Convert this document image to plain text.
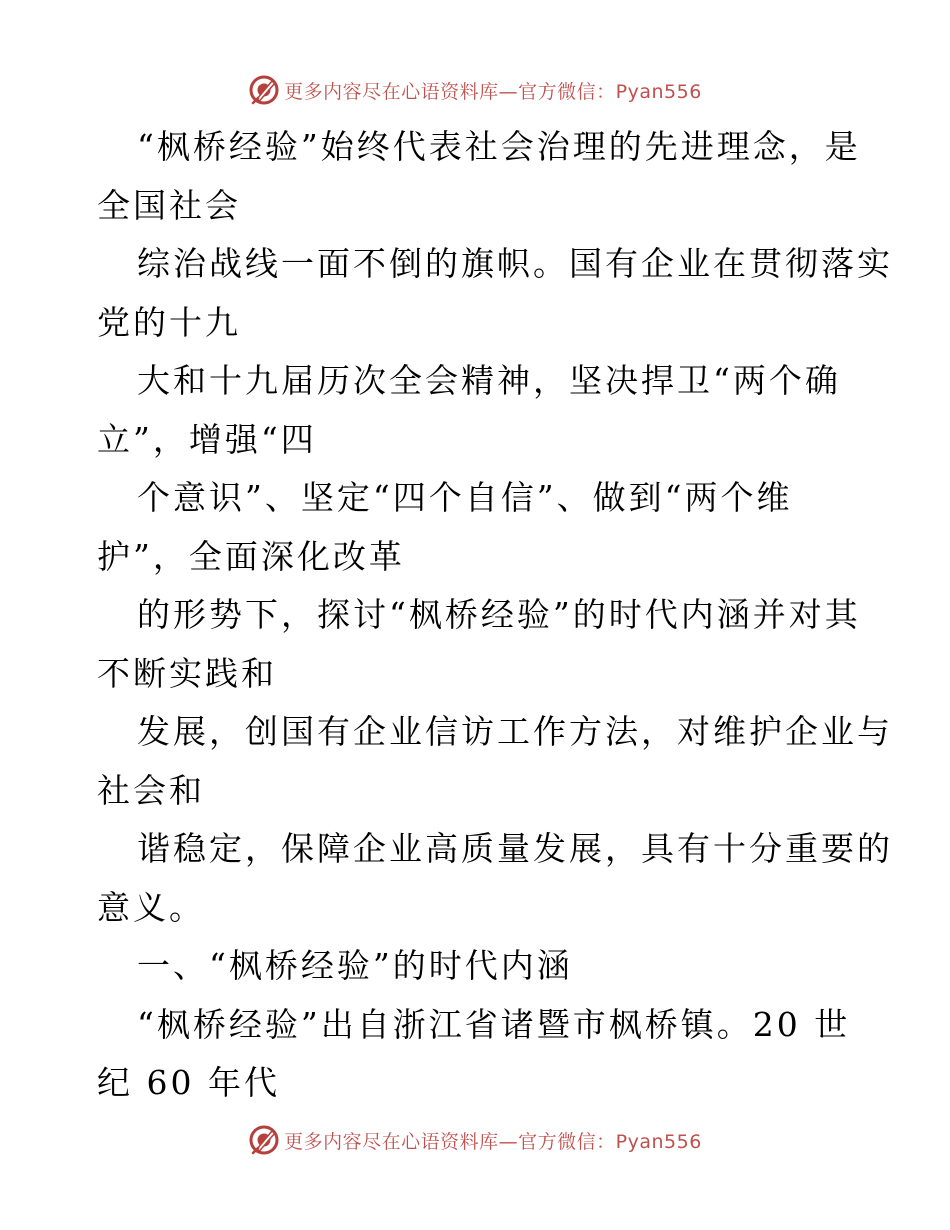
更多内容尽在心语资料库—官方微信：Pyan556
“枫桥经验”始终代表社会治理的先进理念，是
全国社会
综治战线一面不倒的旗帜。国有企业在贯彻落实
党的十九
大和十九届历次全会精神，坚决捍卫“两个确
立”，增强“四
个意识”、坚定“四个自信”、做到“两个维
护”，全面深化改革
的形势下，探讨“枫桥经验”的时代内涵并对其
不断实践和
发展，创国有企业信访工作方法，对维护企业与
社会和
谐稳定，保障企业高质量发展，具有十分重要的
意义。
一、“枫桥经验”的时代内涵
“枫桥经验”出自浙江省诸暨市枫桥镇。20 世
纪 60 年代
更多内容尽在心语资料库—官方微信：Pyan556
